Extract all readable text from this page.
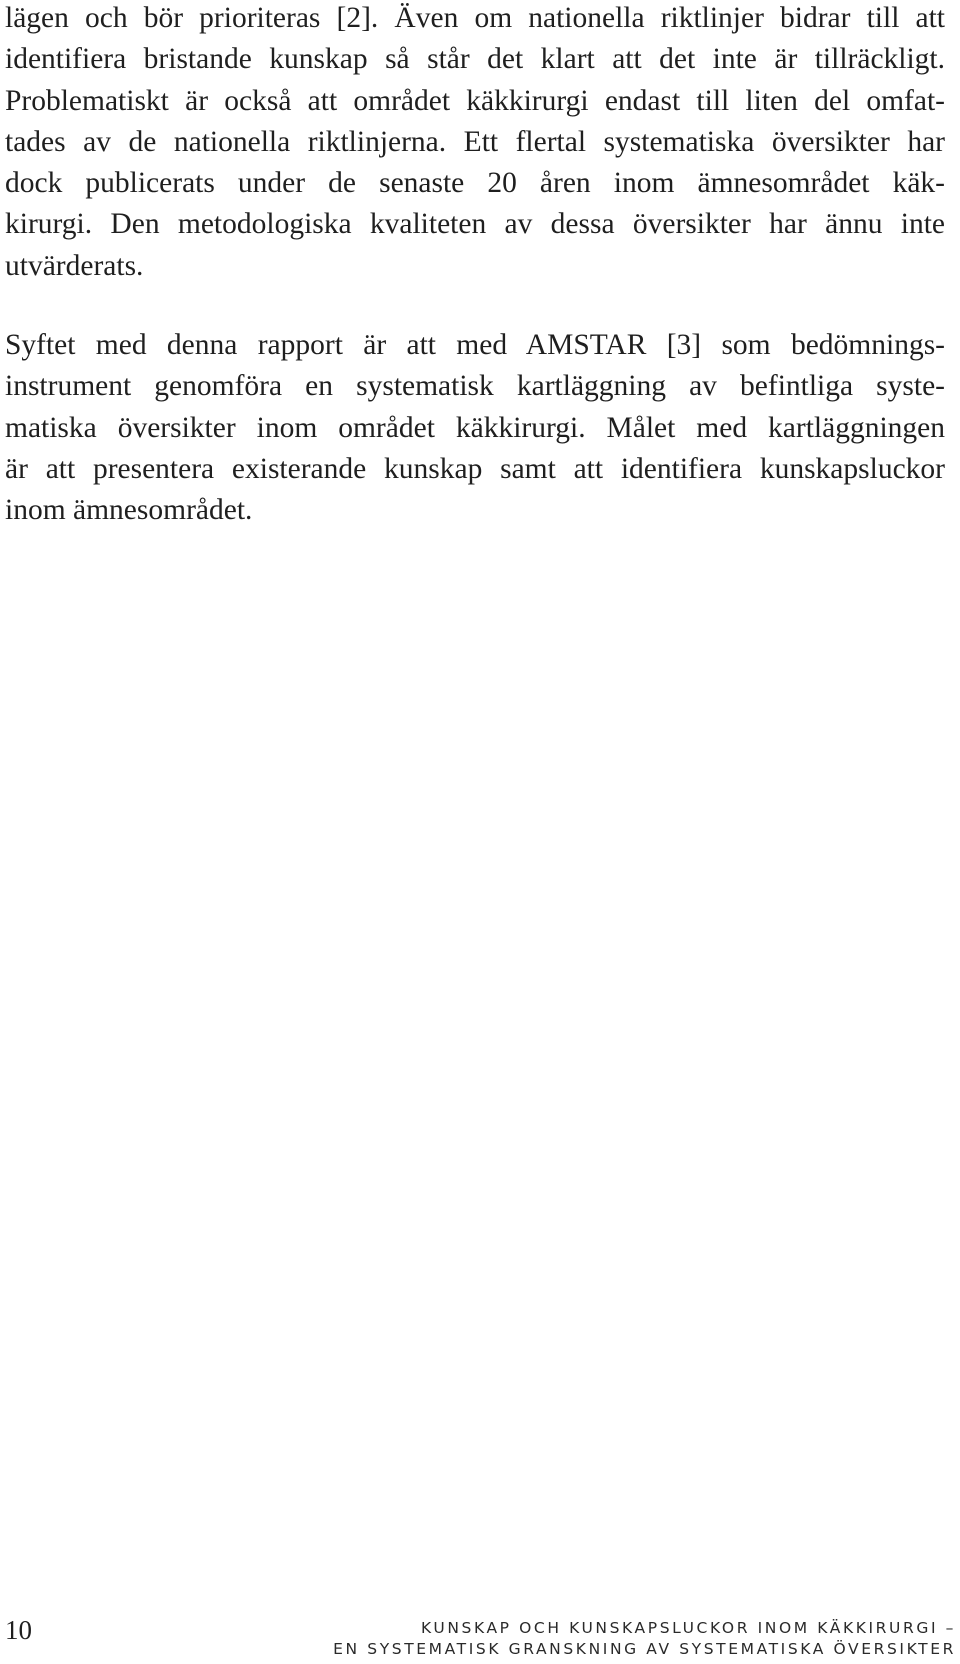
lägen och bör prioriteras [2]. Även om nationella riktlinjer bidrar till att
identifiera bristande kunskap så står det klart att det inte är tillräckligt.
Problematiskt är också att området käkkirurgi endast till liten del omfat-
tades av de nationella riktlinjerna. Ett flertal systematiska översikter har
dock publicerats under de senaste 20 åren inom ämnesområdet käk-
kirurgi. Den metodologiska kvaliteten av dessa översikter har ännu inte
utvärderats.
Syftet med denna rapport är att med AMSTAR [3] som bedömnings-
instrument genomföra en systematisk kartläggning av befintliga syste-
matiska översikter inom området käkkirurgi. Målet med kartläggningen
är att presentera existerande kunskap samt att identifiera kunskapsluckor
inom ämnesområdet.
10	KUNSKAP OCH KUNSKAPSLUCKOR INOM KÄKKIRURGI –
EN SYSTEMATISK GRANSKNING AV SYSTEMATISKA ÖVERSIKTER
